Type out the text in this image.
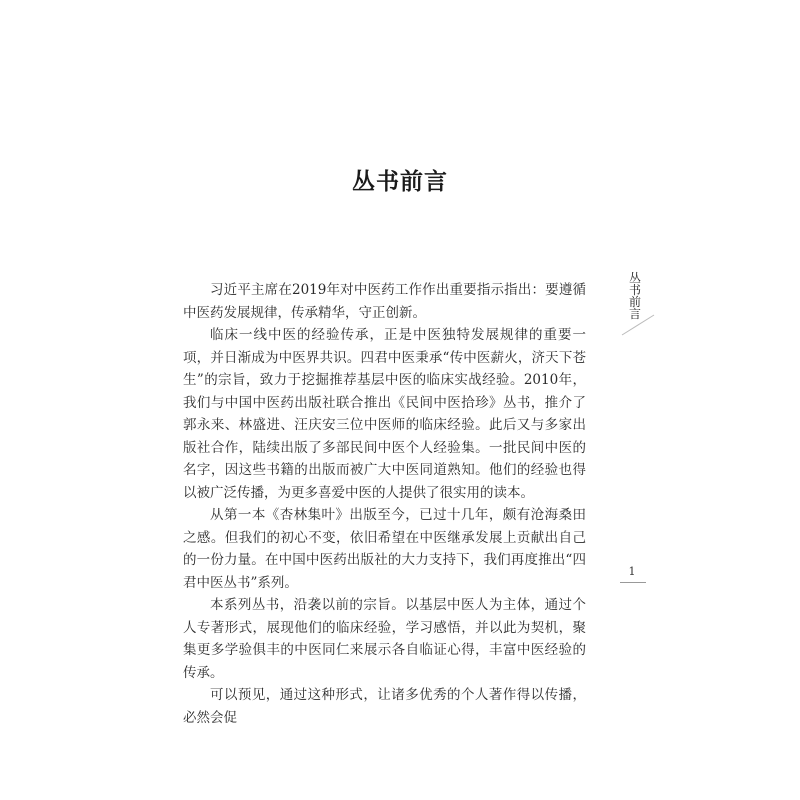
丛书前言

习近平主席在2019年对中医药工作作出重要指示指出：要遵循中医药发展规律，传承精华，守正创新。

临床一线中医的经验传承，正是中医独特发展规律的重要一项，并日渐成为中医界共识。四君中医秉承“传中医薪火，济天下苍生”的宗旨，致力于挖掘推荐基层中医的临床实战经验。2010年，我们与中国中医药出版社联合推出《民间中医拾珍》丛书，推介了郭永来、林盛进、汪庆安三位中医师的临床经验。此后又与多家出版社合作，陆续出版了多部民间中医个人经验集。一批民间中医的名字，因这些书籍的出版而被广大中医同道熟知。他们的经验也得以被广泛传播，为更多喜爱中医的人提供了很实用的读本。

从第一本《杏林集叶》出版至今，已过十几年，颇有沧海桑田之感。但我们的初心不变，依旧希望在中医继承发展上贡献出自己的一份力量。在中国中医药出版社的大力支持下，我们再度推出“四君中医丛书”系列。

本系列丛书，沿袭以前的宗旨。以基层中医人为主体，通过个人专著形式，展现他们的临床经验，学习感悟，并以此为契机，聚集更多学验俱丰的中医同仁来展示各自临证心得，丰富中医经验的传承。

可以预见，通过这种形式，让诸多优秀的个人著作得以传播，必然会促

丛书前言
1
